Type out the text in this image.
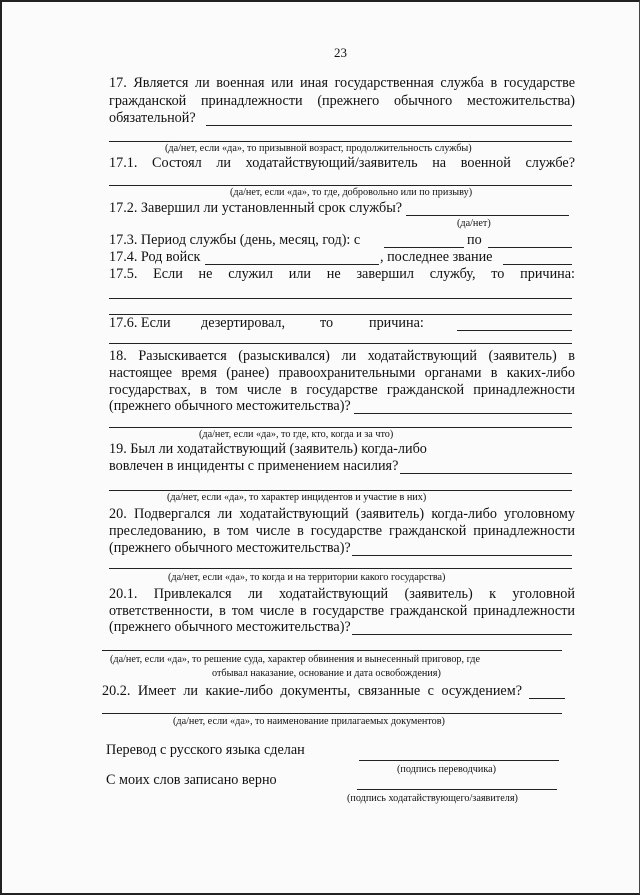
23
17. Является ли военная или иная государственная служба в государстве
гражданской принадлежности (прежнего обычного местожительства)
обязательной?
(да/нет, если «да», то призывной возраст, продолжительность службы)
17.1. Состоял ли ходатайствующий/заявитель на военной службе?
(да/нет, если «да», то где, добровольно или по призыву)
17.2. Завершил ли установленный срок службы?
(да/нет)
17.3. Период службы (день, месяц, год): с	по
17.4. Род войск	, последнее звание
17.5. Если не служил или не завершил службу, то причина:
17.6. Если дезертировал, то	причина:
18. Разыскивается (разыскивался) ли ходатайствующий (заявитель) в
настоящее время (ранее) правоохранительными органами в каких-либо
государствах, в том числе в государстве гражданской принадлежности
(прежнего обычного местожительства)?
(да/нет, если «да», то где, кто, когда и за что)
19. Был ли ходатайствующий (заявитель) когда-либо
вовлечен в инциденты с применением насилия?
(да/нет, если «да», то характер инцидентов и участие в них)
20. Подвергался ли ходатайствующий (заявитель) когда-либо уголовному
преследованию, в том числе в государстве гражданской принадлежности
(прежнего обычного местожительства)?
(да/нет, если «да», то когда и на территории какого государства)
20.1. Привлекался ли ходатайствующий (заявитель) к уголовной
ответственности, в том числе в государстве гражданской принадлежности
(прежнего обычного местожительства)?
(да/нет, если «да», то решение суда, характер обвинения и вынесенный приговор, где
отбывал наказание, основание и дата освобождения)
20.2. Имеет ли какие-либо документы, связанные с осуждением?
(да/нет, если «да», то наименование прилагаемых документов)
Перевод с русского языка сделан
(подпись переводчика)
С моих слов записано верно
(подпись ходатайствующего/заявителя)
